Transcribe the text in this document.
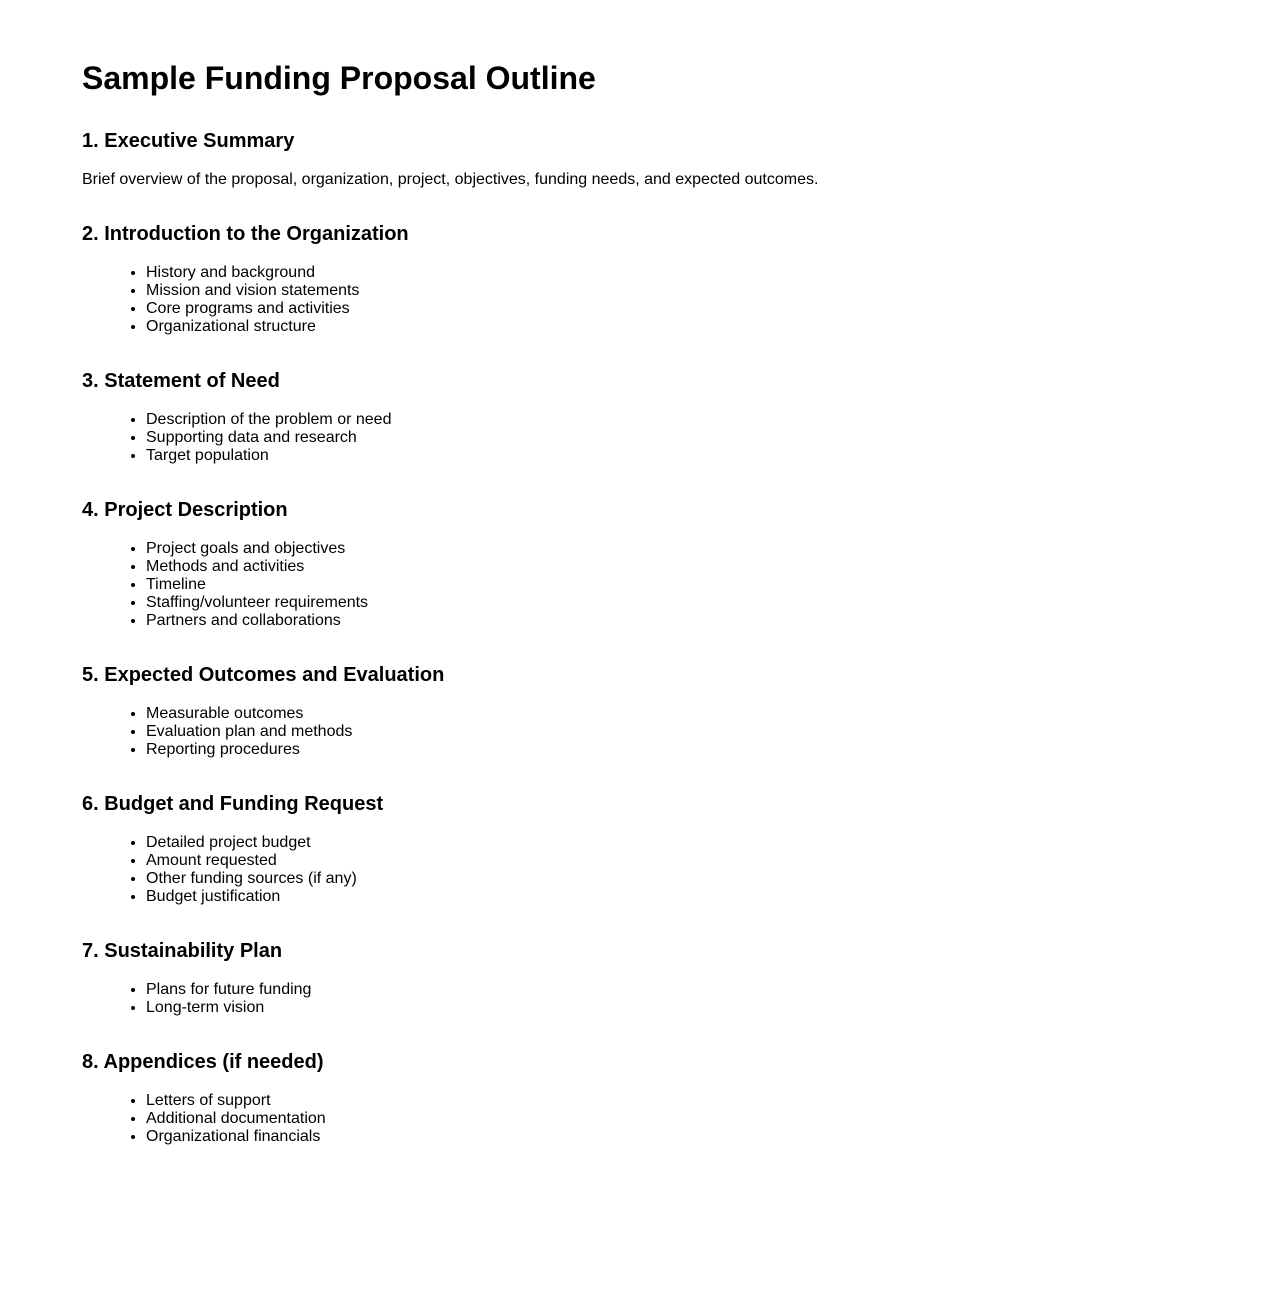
Sample Funding Proposal Outline
1. Executive Summary

Brief overview of the proposal, organization, project, objectives, funding needs, and expected outcomes.

2. Introduction to the Organization
• History and background
• Mission and vision statements
• Core programs and activities
• Organizational structure
3. Statement of Need
• Description of the problem or need
• Supporting data and research
• Target population
4. Project Description
• Project goals and objectives
• Methods and activities
• Timeline
• Staffing/volunteer requirements
• Partners and collaborations
5. Expected Outcomes and Evaluation
• Measurable outcomes
• Evaluation plan and methods
• Reporting procedures
6. Budget and Funding Request
• Detailed project budget
• Amount requested
• Other funding sources (if any)
• Budget justification
7. Sustainability Plan
• Plans for future funding
• Long-term vision
8. Appendices (if needed)
• Letters of support
• Additional documentation
• Organizational financials
